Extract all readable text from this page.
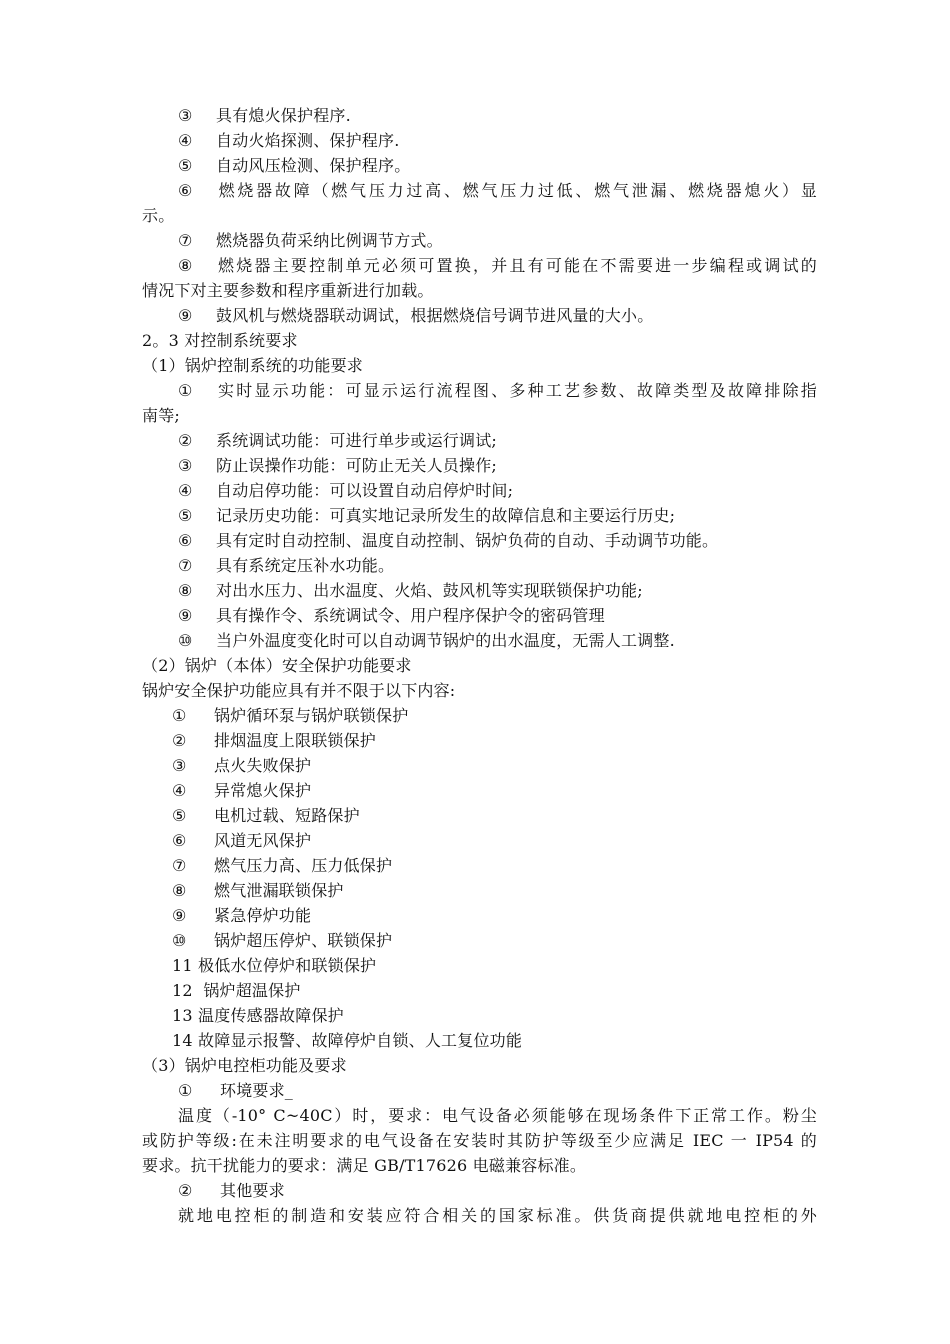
③ 具有熄火保护程序.
④ 自动火焰探测、保护程序.
⑤ 自动风压检测、保护程序。
⑥ 燃烧器故障（燃气压力过高、燃气压力过低、燃气泄漏、燃烧器熄火）显
示。
⑦ 燃烧器负荷采纳比例调节方式。
⑧ 燃烧器主要控制单元必须可置换，并且有可能在不需要进一步编程或调试的
情况下对主要参数和程序重新进行加载。
⑨ 鼓风机与燃烧器联动调试，根据燃烧信号调节进风量的大小。
2。3 对控制系统要求
（1）锅炉控制系统的功能要求
① 实时显示功能：可显示运行流程图、多种工艺参数、故障类型及故障排除指
南等;
② 系统调试功能：可进行单步或运行调试;
③ 防止误操作功能：可防止无关人员操作;
④ 自动启停功能：可以设置自动启停炉时间;
⑤ 记录历史功能：可真实地记录所发生的故障信息和主要运行历史;
⑥ 具有定时自动控制、温度自动控制、锅炉负荷的自动、手动调节功能。
⑦ 具有系统定压补水功能。
⑧ 对出水压力、出水温度、火焰、鼓风机等实现联锁保护功能;
⑨ 具有操作令、系统调试令、用户程序保护令的密码管理
⑩ 当户外温度变化时可以自动调节锅炉的出水温度，无需人工调整.
（2）锅炉（本体）安全保护功能要求
锅炉安全保护功能应具有并不限于以下内容:
① 锅炉循环泵与锅炉联锁保护
② 排烟温度上限联锁保护
③ 点火失败保护
④ 异常熄火保护
⑤ 电机过载、短路保护
⑥ 风道无风保护
⑦ 燃气压力高、压力低保护
⑧ 燃气泄漏联锁保护
⑨ 紧急停炉功能
⑩ 锅炉超压停炉、联锁保护
11 极低水位停炉和联锁保护
12  锅炉超温保护
13 温度传感器故障保护
14 故障显示报警、故障停炉自锁、人工复位功能
（3）锅炉电控柜功能及要求
① 环境要求_
温度（-10° C~40C）时，要求：电气设备必须能够在现场条件下正常工作。粉尘
或防护等级:在未注明要求的电气设备在安装时其防护等级至少应满足 IEC 一 IP54 的
要求。抗干扰能力的要求：满足 GB/T17626 电磁兼容标准。
② 其他要求
就地电控柜的制造和安装应符合相关的国家标准。供货商提供就地电控柜的外
